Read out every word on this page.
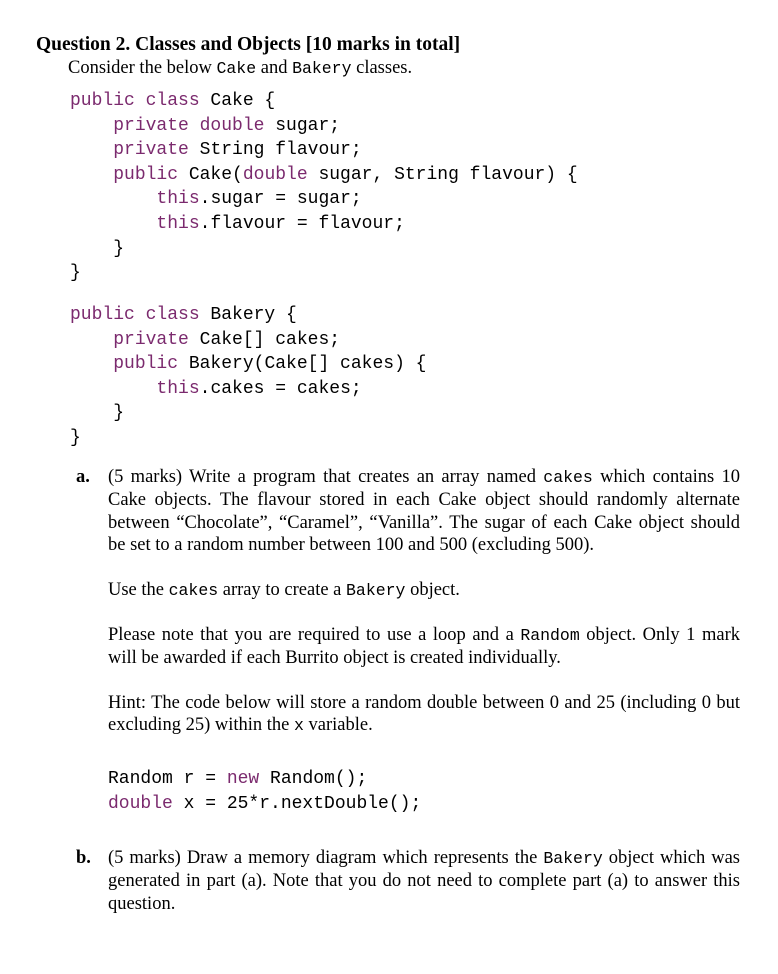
Question 2. Classes and Objects [10 marks in total]
Consider the below Cake and Bakery classes.
public class Cake {
private double sugar;
private String flavour;
public Cake(double sugar, String flavour) {
this.sugar = sugar;
this.flavour = flavour;
}
}
public class Bakery {
private Cake[] cakes;
public Bakery(Cake[] cakes) {
this.cakes = cakes;
}
}
a. (5 marks) Write a program that creates an array named cakes which contains 10 Cake objects. The flavour stored in each Cake object should randomly alternate between “Chocolate”, “Caramel”, “Vanilla”. The sugar of each Cake object should be set to a random number between 100 and 500 (excluding 500).
Use the cakes array to create a Bakery object.
Please note that you are required to use a loop and a Random object. Only 1 mark will be awarded if each Burrito object is created individually.
Hint: The code below will store a random double between 0 and 25 (including 0 but excluding 25) within the x variable.
Random r = new Random();
double x = 25*r.nextDouble();
b. (5 marks) Draw a memory diagram which represents the Bakery object which was generated in part (a). Note that you do not need to complete part (a) to answer this question.
